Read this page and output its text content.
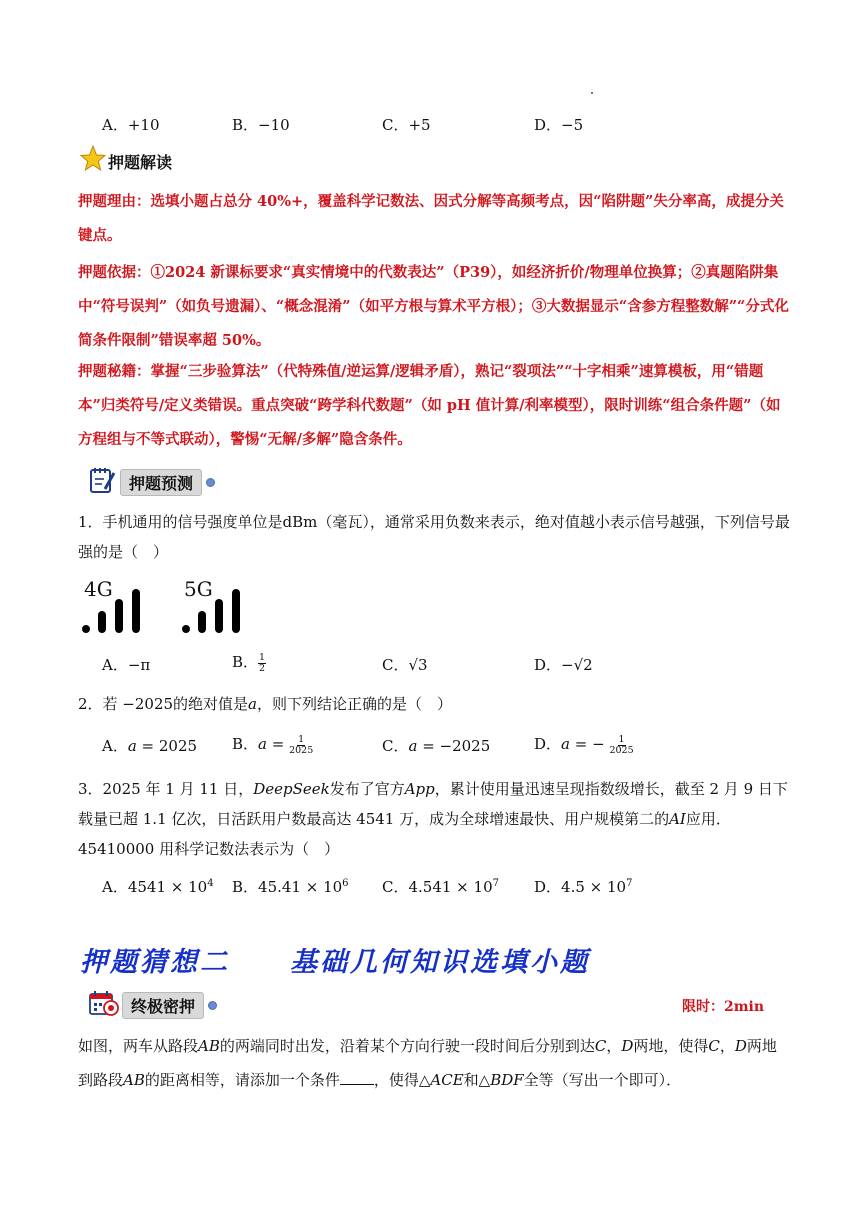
A．+10	B．−10	C．+5	D．−5
押题解读
押题理由：选填小题占总分 40%+，覆盖科学记数法、因式分解等高频考点，因“陷阱题”失分率高，成提分关键点。
押题依据：①2024 新课标要求“真实情境中的代数表达”（P39），如经济折价/物理单位换算；②真题陷阱集中“符号误判”（如负号遗漏）、“概念混淆”（如平方根与算术平方根）；③大数据显示“含参方程整数解”“分式化简条件限制”错误率超 50%。
押题秘籍：掌握“三步验算法”（代特殊值/逆运算/逻辑矛盾），熟记“裂项法”“十字相乘”速算模板，用“错题本”归类符号/定义类错误。重点突破“跨学科代数题”（如 pH 值计算/利率模型），限时训练“组合条件题”（如方程组与不等式联动），警惕“无解/多解”隐含条件。
押题预测
1．手机通用的信号强度单位是dBm（毫瓦），通常采用负数来表示，绝对值越小表示信号越强，下列信号最强的是（　）
4G	5G
A．−π	B． $\frac{1}{2}$	C．√3	D．−√2
2．若 −2025的绝对值是𝑎，则下列结论正确的是（　）
A．𝑎 = 2025 B．𝑎 = $\frac{1}{2025}$	C．𝑎 = −2025	D．𝑎 = − $\frac{1}{2025}$
3．2025 年 1 月 11 日，𝐷𝑒𝑒𝑝𝑆𝑒𝑒𝑘发布了官方𝐴𝑝𝑝，累计使用量迅速呈现指数级增长，截至 2 月 9 日下载量已超 1.1 亿次，日活跃用户数最高达 4541 万，成为全球增速最快、用户规模第二的𝐴𝐼应用．45410000 用科学记数法表示为（　）
A．$4541 \times 10^4$ B．$45.41 \times 10^6$ C．$4.541 \times 10^7$ D．$4.5 \times 10^7$
押题猜想二　　基础几何知识选填小题
终极密押	限时：2min
如图，两车从路段𝐴𝐵的两端同时出发，沿着某个方向行驶一段时间后分别到达𝐶，𝐷两地，使得𝐶，𝐷两地到路段𝐴𝐵的距离相等，请添加一个条件 ，使得△𝐴𝐶𝐸和△𝐵𝐷𝐹全等（写出一个即可）．
